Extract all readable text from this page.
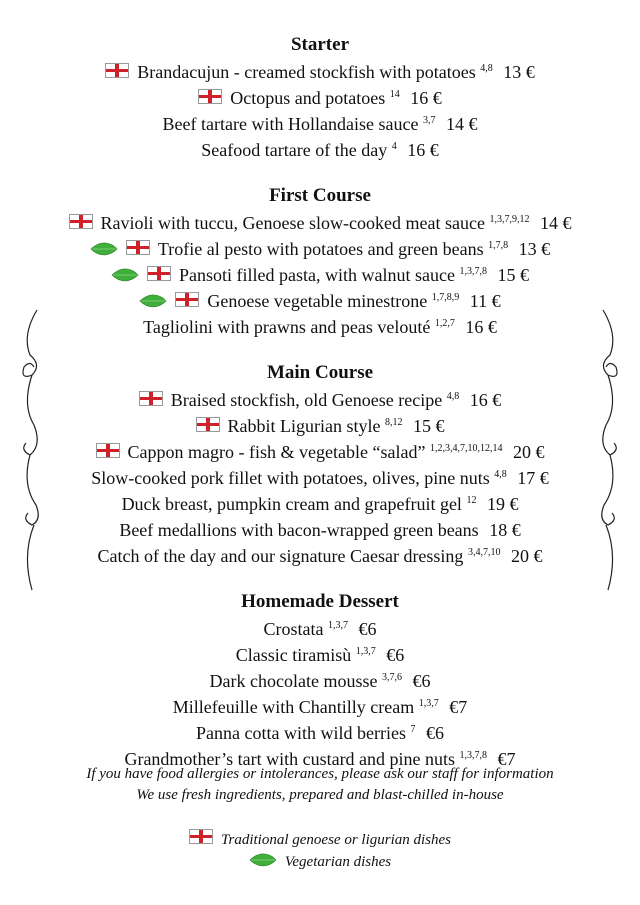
Starter
Brandacujun - creamed stockfish with potatoes $^{4,8}$ 13 €
Octopus and potatoes $^{14}$ 16 €
Beef tartare with Hollandaise sauce $^{3,7}$ 14 €
Seafood tartare of the day $^4$ 16 €
First Course
Ravioli with tuccu, Genoese slow-cooked meat sauce $^{1,3,7,9,12}$ 14 €
Trofie al pesto with potatoes and green beans $^{1,7,8}$ 13 €
Pansoti filled pasta, with walnut sauce $^{1,3,7,8}$ 15 €
Genoese vegetable minestrone $^{1,7,8,9}$ 11 €
Tagliolini with prawns and peas velouté $^{1,2,7}$ 16 €
Main Course
Braised stockfish, old Genoese recipe $^{4,8}$ 16 €
Rabbit Ligurian style $^{8,12}$ 15 €
Cappon magro - fish & vegetable “salad” $^{1,2,3,4,7,10,12,14}$ 20 €
Slow-cooked pork fillet with potatoes, olives, pine nuts $^{4,8}$ 17 €
Duck breast, pumpkin cream and grapefruit gel $^{12}$ 19 €
Beef medallions with bacon-wrapped green beans 18 €
Catch of the day and our signature Caesar dressing $^{3,4,7,10}$ 20 €
Homemade Dessert
Crostata $^{1,3,7}$ €6
Classic tiramisù $^{1,3,7}$ €6
Dark chocolate mousse $^{3,7,6}$ €6
Millefeuille with Chantilly cream $^{1,3,7}$ €7
Panna cotta with wild berries $^7$ €6
Grandmother’s tart with custard and pine nuts $^{1,3,7,8}$ €7
If you have food allergies or intolerances, please ask our staff for information
We use fresh ingredients, prepared and blast-chilled in-house
Traditional genoese or ligurian dishes
Vegetarian dishes
